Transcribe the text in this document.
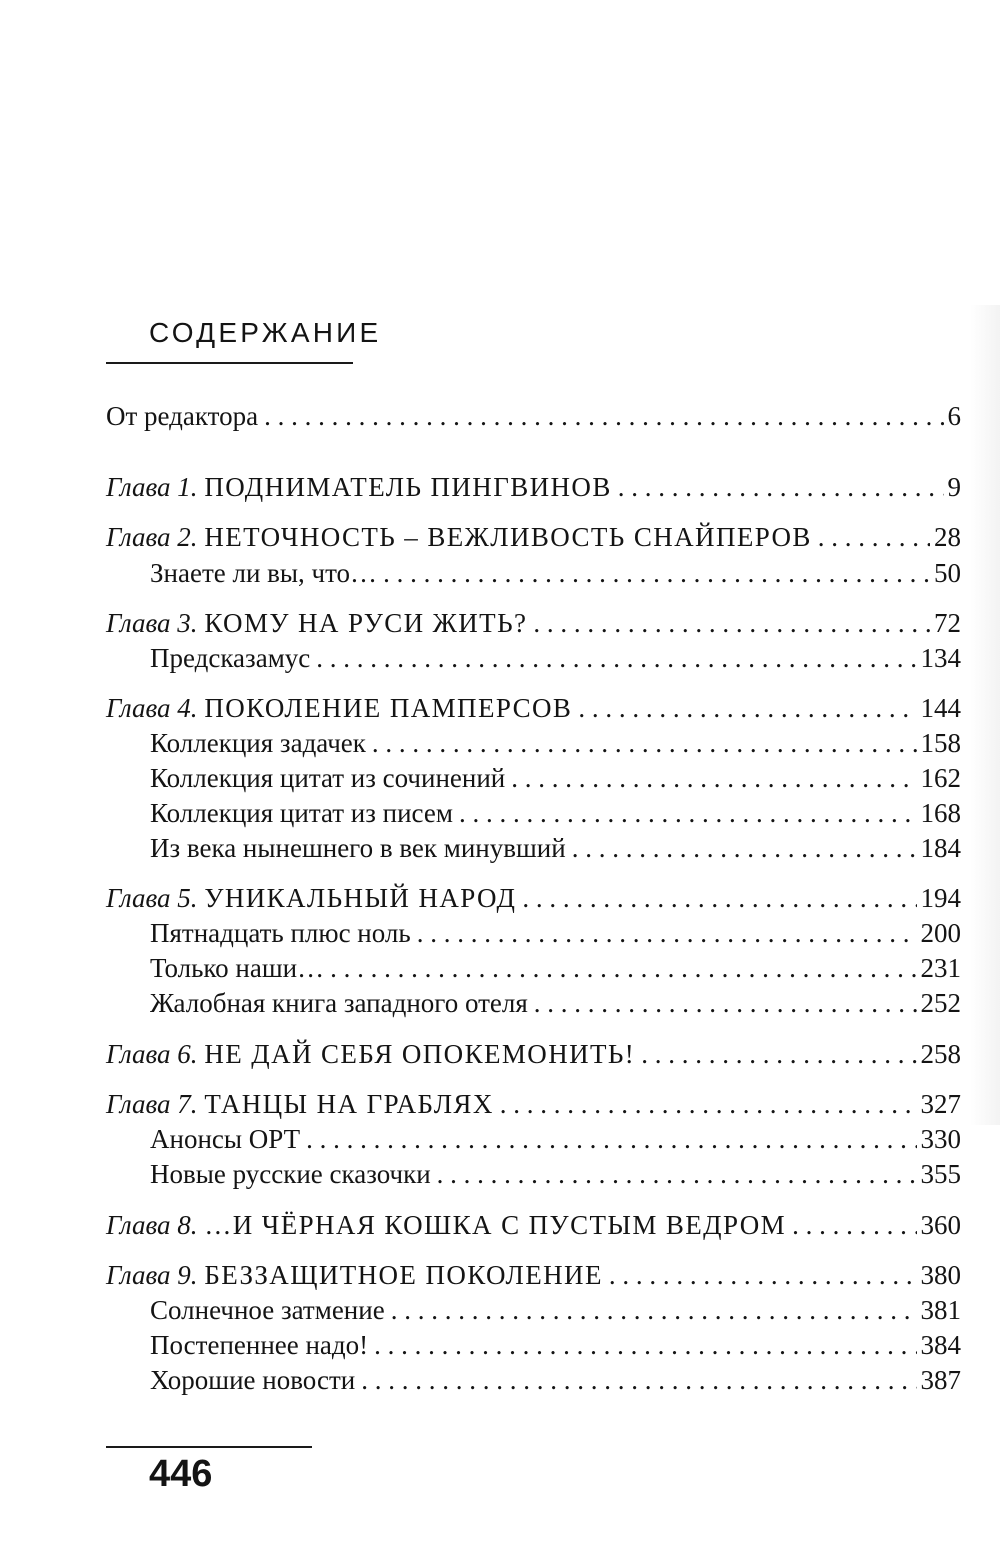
СОДЕРЖАНИЕ
От редактора . . .	6
Глава 1.
ПОДНИМАТЕЛЬ ПИНГВИНОВ . . .	9
Глава 2.
НЕТОЧНОСТЬ – ВЕЖЛИВОСТЬ СНАЙПЕРОВ . . .	28
Знаете ли вы, что… . . .	50
Глава 3.
КОМУ НА РУСИ ЖИТЬ? . . .	72
Предсказамус . . .	134
Глава 4.
ПОКОЛЕНИЕ ПАМПЕРСОВ . . .	144
Коллекция задачек . . .	158
Коллекция цитат из сочинений . . .	162
Коллекция цитат из писем . . .	168
Из века нынешнего в век минувший . . .	184
Глава 5.
УНИКАЛЬНЫЙ НАРОД . . .	194
Пятнадцать плюс ноль . . .	200
Только наши… . . .	231
Жалобная книга западного отеля . . .	252
Глава 6.
НЕ ДАЙ СЕБЯ ОПОКЕМОНИТЬ! . . .	258
Глава 7.
ТАНЦЫ НА ГРАБЛЯХ . . .	327
Анонсы ОРТ . . .	330
Новые русские сказочки . . .	355
Глава 8.
…И ЧЁРНАЯ КОШКА С ПУСТЫМ ВЕДРОМ . . .	360
Глава 9.
БЕЗЗАЩИТНОЕ ПОКОЛЕНИЕ . . .	380
Солнечное затмение . . .	381
Постепеннее надо! . . .	384
Хорошие новости . . .	387
446
